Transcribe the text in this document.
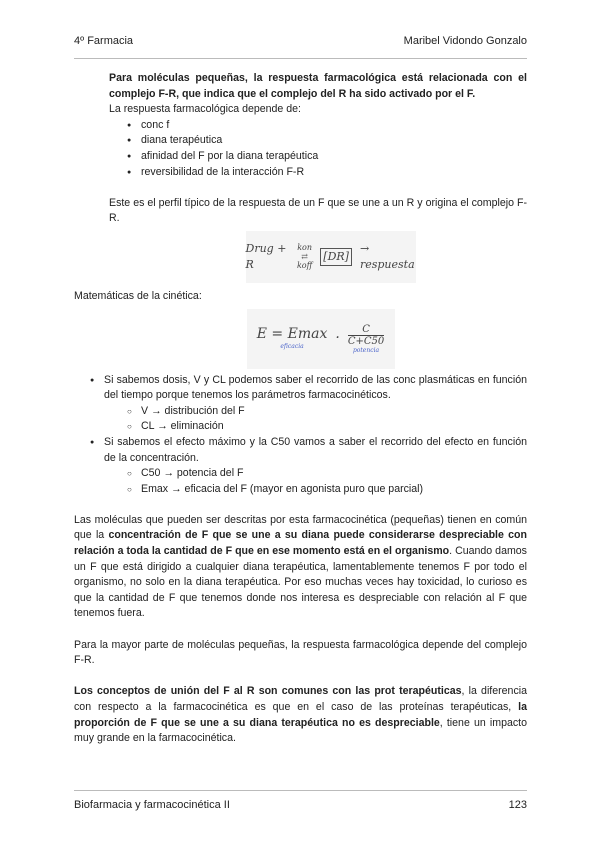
4º Farmacia	Maribel Vidondo Gonzalo

Para moléculas pequeñas, la respuesta farmacológica está relacionada con el complejo F-R, que indica que el complejo del R ha sido activado por el F.

La respuesta farmacológica depende de:

● conc f
● diana terapéutica
● afinidad del F por la diana terapéutica
● reversibilidad de la interacción F-R

Este es el perfil típico de la respuesta de un F que se une a un R y origina el complejo F-R.

Drug + R
kon
⇄
koff
[DR]
→ respuesta

Matemáticas de la cinética:

E = Emax
eficacia
·
C
C+C50
potencia

● Si sabemos dosis, V y CL podemos saber el recorrido de las conc plasmáticas en función del tiempo porque tenemos los parámetros farmacocinéticos.

○ V → distribución del F
○ CL → eliminación

● Si sabemos el efecto máximo y la C50 vamos a saber el recorrido del efecto en función de la concentración.

○ C50 → potencia del F
○ Emax → eficacia del F (mayor en agonista puro que parcial)

Las moléculas que pueden ser descritas por esta farmacocinética (pequeñas) tienen en común que la concentración de F que se une a su diana puede considerarse despreciable con relación a toda la cantidad de F que en ese momento está en el organismo. Cuando damos un F que está dirigido a cualquier diana terapéutica, lamentablemente tenemos F por todo el organismo, no solo en la diana terapéutica. Por eso muchas veces hay toxicidad, lo curioso es que la cantidad de F que tenemos donde nos interesa es despreciable con relación al F que tenemos fuera.

Para la mayor parte de moléculas pequeñas, la respuesta farmacológica depende del complejo F-R.

Los conceptos de unión del F al R son comunes con las prot terapéuticas, la diferencia con respecto a la farmacocinética es que en el caso de las proteínas terapéuticas, la proporción de F que se une a su diana terapéutica no es despreciable, tiene un impacto muy grande en la farmacocinética.

Biofarmacia y farmacocinética II	123
